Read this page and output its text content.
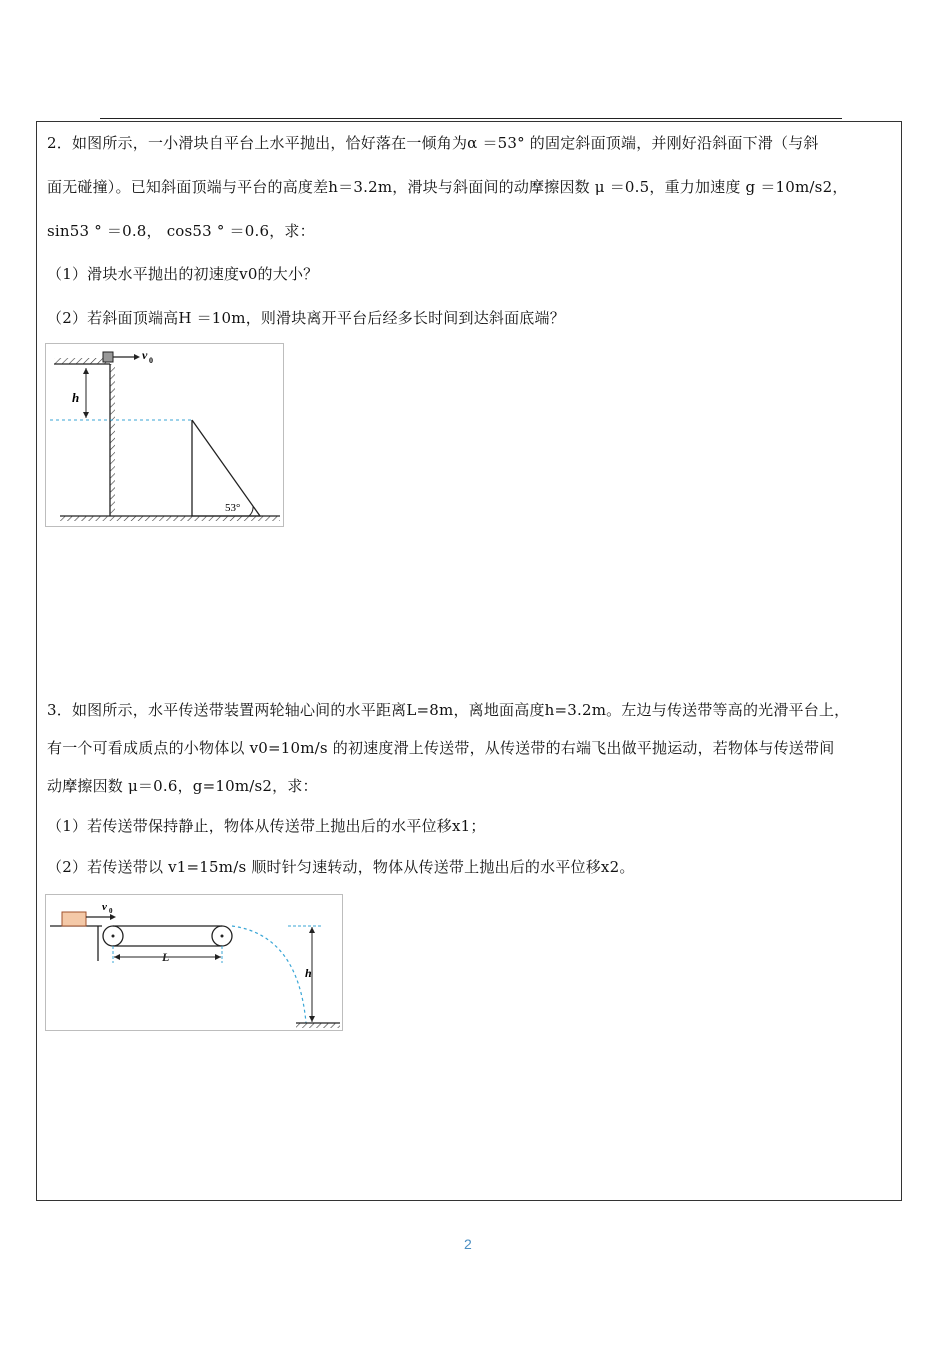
2．如图所示，一小滑块自平台上水平抛出，恰好落在一倾角为α ＝53° 的固定斜面顶端，并刚好沿斜面下滑（与斜
面无碰撞）。已知斜面顶端与平台的高度差h＝3.2m，滑块与斜面间的动摩擦因数 μ ＝0.5，重力加速度 g ＝10m/s2，
sin53 ° ＝0.8， cos53 ° ＝0.6，求：
（1）滑块水平抛出的初速度v0的大小？
（2）若斜面顶端高H ＝10m，则滑块离开平台后经多长时间到达斜面底端？
v 0
h
53°
3．如图所示，水平传送带装置两轮轴心间的水平距离L=8m，离地面高度h=3.2m。左边与传送带等高的光滑平台上，
有一个可看成质点的小物体以 v0=10m/s 的初速度滑上传送带，从传送带的右端飞出做平抛运动，若物体与传送带间
动摩擦因数 μ＝0.6，g=10m/s2，求：
（1）若传送带保持静止，物体从传送带上抛出后的水平位移x1；
（2）若传送带以 v1=15m/s 顺时针匀速转动，物体从传送带上抛出后的水平位移x2。
v 0
L
h
2
